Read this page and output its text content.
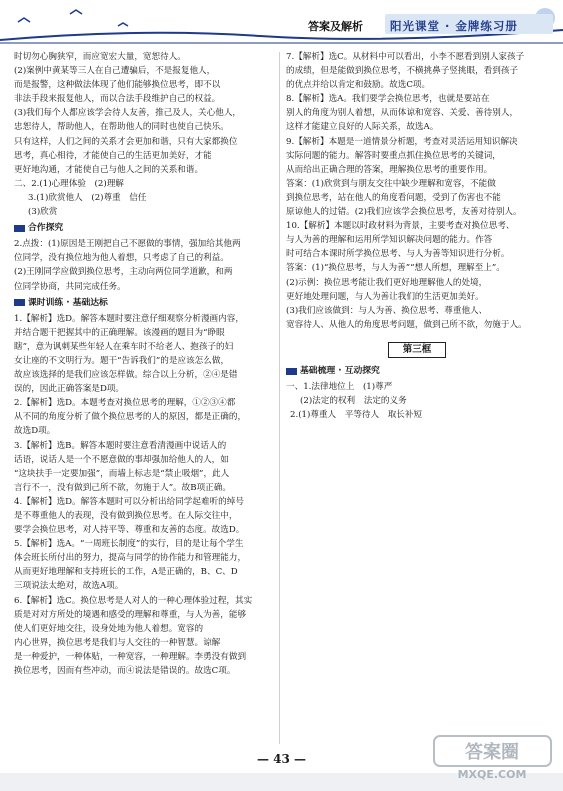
答案及解析 阳光课堂 · 金牌练习册

时切勿心胸狭窄，而应宽宏大量，宽恕待人。

(2)案例中黄某等三人在自己遭骗后，不是报复他人，

而是报警，这种做法体现了他们能够换位思考，即不以

非法手段来报复他人，而以合法手段维护自己的权益。

(3)我们每个人都应该学会待人友善，推己及人，关心他人，

忠恕待人，帮助他人，在帮助他人的同时也使自己快乐。

只有这样，人们之间的关系才会更加和谐，只有大家都换位

思考，真心相待，才能使自己的生活更加美好，才能

更好地沟通，才能使自己与他人之间的关系和谐。

二、2.(1)心理体验　(2)理解

3.(1)欣赏他人　(2)尊重　信任

(3)欣赏

合作探究

2.点拨：(1)原因是王刚把自己不愿做的事情，强加给其他两

位同学，没有换位地为他人着想，只考虑了自己的利益。

(2)王刚同学应做到换位思考，主动向两位同学道歉，和两

位同学协商，共同完成任务。

课时训练 · 基础达标

1.【解析】选D。解答本题时要注意仔细观察分析漫画内容，

并结合题干把握其中的正确理解。该漫画的题目为“睁眼

瞎”，意为讽刺某些年轻人在乘车时不给老人、抱孩子的妇

女让座的不文明行为。题干“告诉我们”的是应该怎么做，

故应该选择的是我们应该怎样做。综合以上分析，②④是错

误的，因此正确答案是D项。

2.【解析】选D。本题考查对换位思考的理解，①②③④都

从不同的角度分析了做个换位思考的人的原因，都是正确的，

故选D项。

3.【解析】选B。解答本题时要注意看清漫画中说话人的

话语，说话人是一个不愿意做的事却强加给他人的人，如

“这块扶手一定要加强”，而墙上标志是“禁止吸烟”，此人

言行不一，没有做到己所不欲，勿施于人”。故B项正确。

4.【解析】选D。解答本题时可以分析出给同学起难听的绰号

是不尊重他人的表现，没有做到换位思考。在人际交往中，

要学会换位思考，对人持平等、尊重和友善的态度。故选D。

5.【解析】选A。“一周班长制度”的实行，目的是让每个学生

体会班长所付出的努力，提高与同学的协作能力和管理能力，

从而更好地理解和支持班长的工作，A是正确的，B、C、D

三项说法太绝对，故选A项。

6.【解析】选C。换位思考是人对人的一种心理体验过程，其实

质是对对方所处的境遇和感受的理解和尊重，与人为善，能够

使人们更好地交往，设身处地为他人着想。宽容的

内心世界，换位思考是我们与人交往的一种智慧。谅解

是一种爱护，一种体贴，一种宽容，一种理解。李勇没有做到

换位思考，因而有些冲动，而④说法是错误的。故选C项。

7.【解析】选C。从材料中可以看出，小李不愿看到别人家孩子

的成绩，但是能做到换位思考，不横挑鼻子竖挑眼，看到孩子

的优点并给以肯定和鼓励。故选C项。

8.【解析】选A。我们要学会换位思考，也就是要站在

别人的角度为别人着想，从而体谅和宽容、关爱、善待别人，

这样才能建立良好的人际关系，故选A。

9.【解析】本题是一道情景分析题，考查对灵活运用知识解决

实际问题的能力。解答时要重点抓住换位思考的关键词，

从而给出正确合理的答案，理解换位思考的重要作用。

答案：(1)欣赏到与朋友交往中缺少理解和宽容，不能做

到换位思考，站在他人的角度看问题，受到了伤害也不能

原谅他人的过错。(2)我们应该学会换位思考，友善对待别人。

10.【解析】本题以时政材料为背景，主要考查对换位思考、

与人为善的理解和运用所学知识解决问题的能力。作答

时可结合本课时所学换位思考、与人为善等知识进行分析。

答案：(1)“换位思考，与人为善”“想人所想，理解至上”。

(2)示例：换位思考能让我们更好地理解他人的处境，

更好地处理问题，与人为善让我们的生活更加美好。

(3)我们应该做到：与人为善、换位思考、尊重他人、

宽容待人、从他人的角度思考问题，做到己所不欲，勿施于人。

第三框
基础梳理 · 互动探究

一、1.法律地位上　(1)尊严

(2)法定的权利　法定的义务

2.(1)尊重人　平等待人　取长补短

— 43 —	答案圈
MXQE.COM
